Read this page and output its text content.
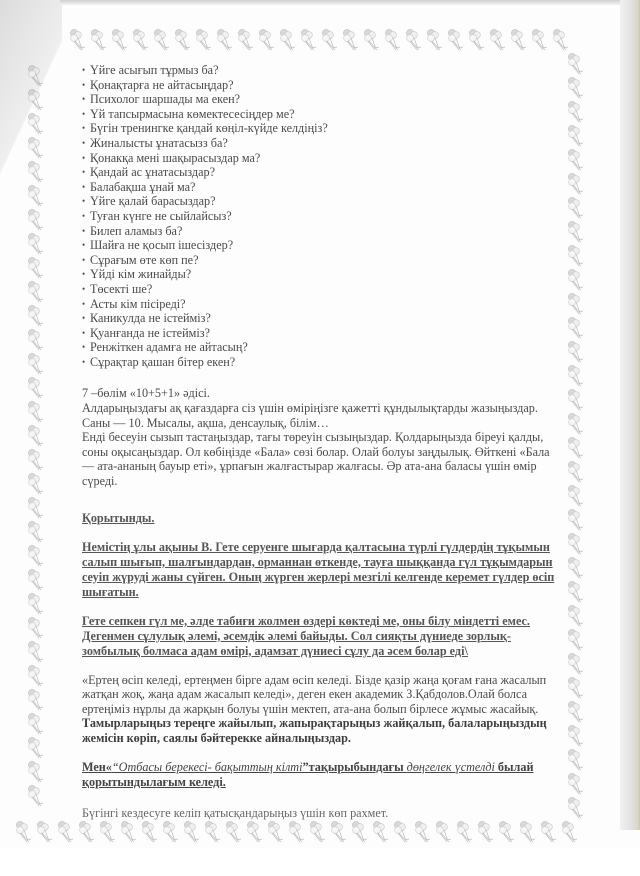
• Үйге асығып тұрмыз ба?
• Қонақтарға не айтасыңдар?
• Психолог шаршады ма екен?
• Үй тапсырмасына көмектесесіңдер ме?
• Бүгін тренингке қандай көңіл-күйде келдіңіз?
• Жиналысты ұнатасызз ба?
• Қонакқа мені шақырасыздар ма?
• Қандай ас ұнатасыздар?
• Балабақша ұнай ма?
• Үйге қалай барасыздар?
• Туған күнге не сыйлайсыз?
• Билеп аламыз ба?
• Шайға не қосып ішесіздер?
• Сұрағым өте көп пе?
• Үйді кім жинайды?
• Төсекті ше?
• Асты кім пісіреді?
• Каникулда не істейміз?
• Қуанғанда не істейміз?
• Ренжіткен адамға не айтасың?
• Сұрақтар қашан бітер екен?
7 –бөлім «10+5+1» әдісі.
Алдарыңыздағы ақ қағаздарға сіз үшін өміріңізге қажетті құндылықтарды жазыңыздар.
Саны — 10. Мысалы, ақша, денсаулық, білім…
Енді бесеуін сызып тастаңыздар, тағы төреуін сызыңыздар. Қолдарыңызда біреуі қалды,
соны оқысаңыздар. Ол көбіңізде «Бала» сөзі болар. Олай болуы заңдылық. Өйткені «Бала
— ата-ананың бауыр еті», ұрпағын жалғастырар жалғасы. Әр ата-ана баласы үшін өмір
сүреді.
Қорытынды.
Немістің ұлы ақыны В. Гете серуенге шығарда қалтасына түрлі гүлдердің тұқымын
салып шығып, шалғындардан, орманнан өткенде, тауға шыққанда гүл тұқымдарын
сеуіп жүруді жаны сүйген. Оның жүрген жерлері мезгілі келгенде керемет гүлдер өсіп
шығатын.
Гете сепкен гүл ме, әлде табиғи жолмен өздері көктеді ме, оны білу міндетті емес.
Дегенмен сұлулық әлемі, әсемдік әлемі байыды. Сол сияқты дүниеде зорлық-
зомбылық болмаса адам өмірі, адамзат дүниесі сұлу да әсем болар еді\
«Ертең өсіп келеді, ертеңмен бірге адам өсіп келеді. Бізде қазір жаңа қоғам ғана жасалып
жатқан жоқ, жаңа адам жасалып келеді», деген екен академик З.Қабдолов.Олай болса
ертеңіміз нұрлы да жарқын болуы үшін мектеп, ата-ана болып бірлесе жұмыс жасайық.
Тамырларыңыз тереңге жайылып, жапырақтарыңыз жайқалып, балаларыңыздың
жемісін көріп, саялы бәйтерекке айналыңыздар.
Мен«“Отбасы берекесі- бақыттың кілті”тақырыбындағы дөңгелек үстелді былай
қорытындылағым келеді.
Бүгінгі кездесуге келіп қатысқандарыңыз үшін көп рахмет.
